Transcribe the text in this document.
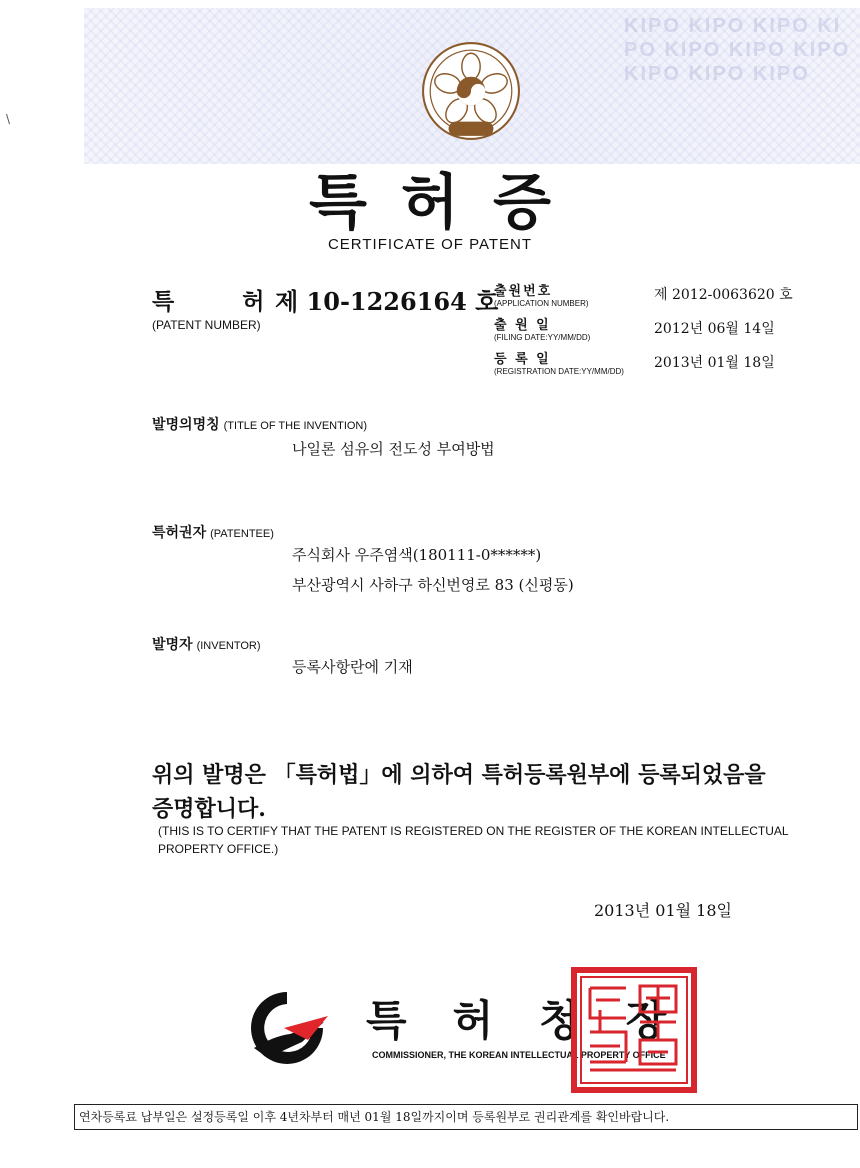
\
KIPO KIPO KIPO KIPO KIPO KIPO KIPO KIPO KIPO KIPO
특허증
CERTIFICATE OF PATENT
특 허
제 10-1226164 호
(PATENT NUMBER)
출원번호
(APPLICATION NUMBER)
제 2012-0063620 호
출 원 일
(FILING DATE:YY/MM/DD)
2012년 06월 14일
등 록 일
(REGISTRATION DATE:YY/MM/DD)
2013년 01월 18일
발명의명칭 (TITLE OF THE INVENTION)
나일론 섬유의 전도성 부여방법
특허권자 (PATENTEE)
주식회사 우주염색(180111-0******)
부산광역시 사하구 하신번영로 83 (신평동)
발명자 (INVENTOR)
등록사항란에 기재
위의 발명은 「특허법」에 의하여 특허등록원부에 등록되었음을 증명합니다.
(THIS IS TO CERTIFY THAT THE PATENT IS REGISTERED ON THE REGISTER OF THE KOREAN INTELLECTUAL PROPERTY OFFICE.)
2013년 01월 18일
특허청장
COMMISSIONER, THE KOREAN INTELLECTUAL PROPERTY OFFICE
연차등록료 납부일은 설정등록일 이후 4년차부터 매년 01월 18일까지이며 등록원부로 권리관계를 확인바랍니다.
